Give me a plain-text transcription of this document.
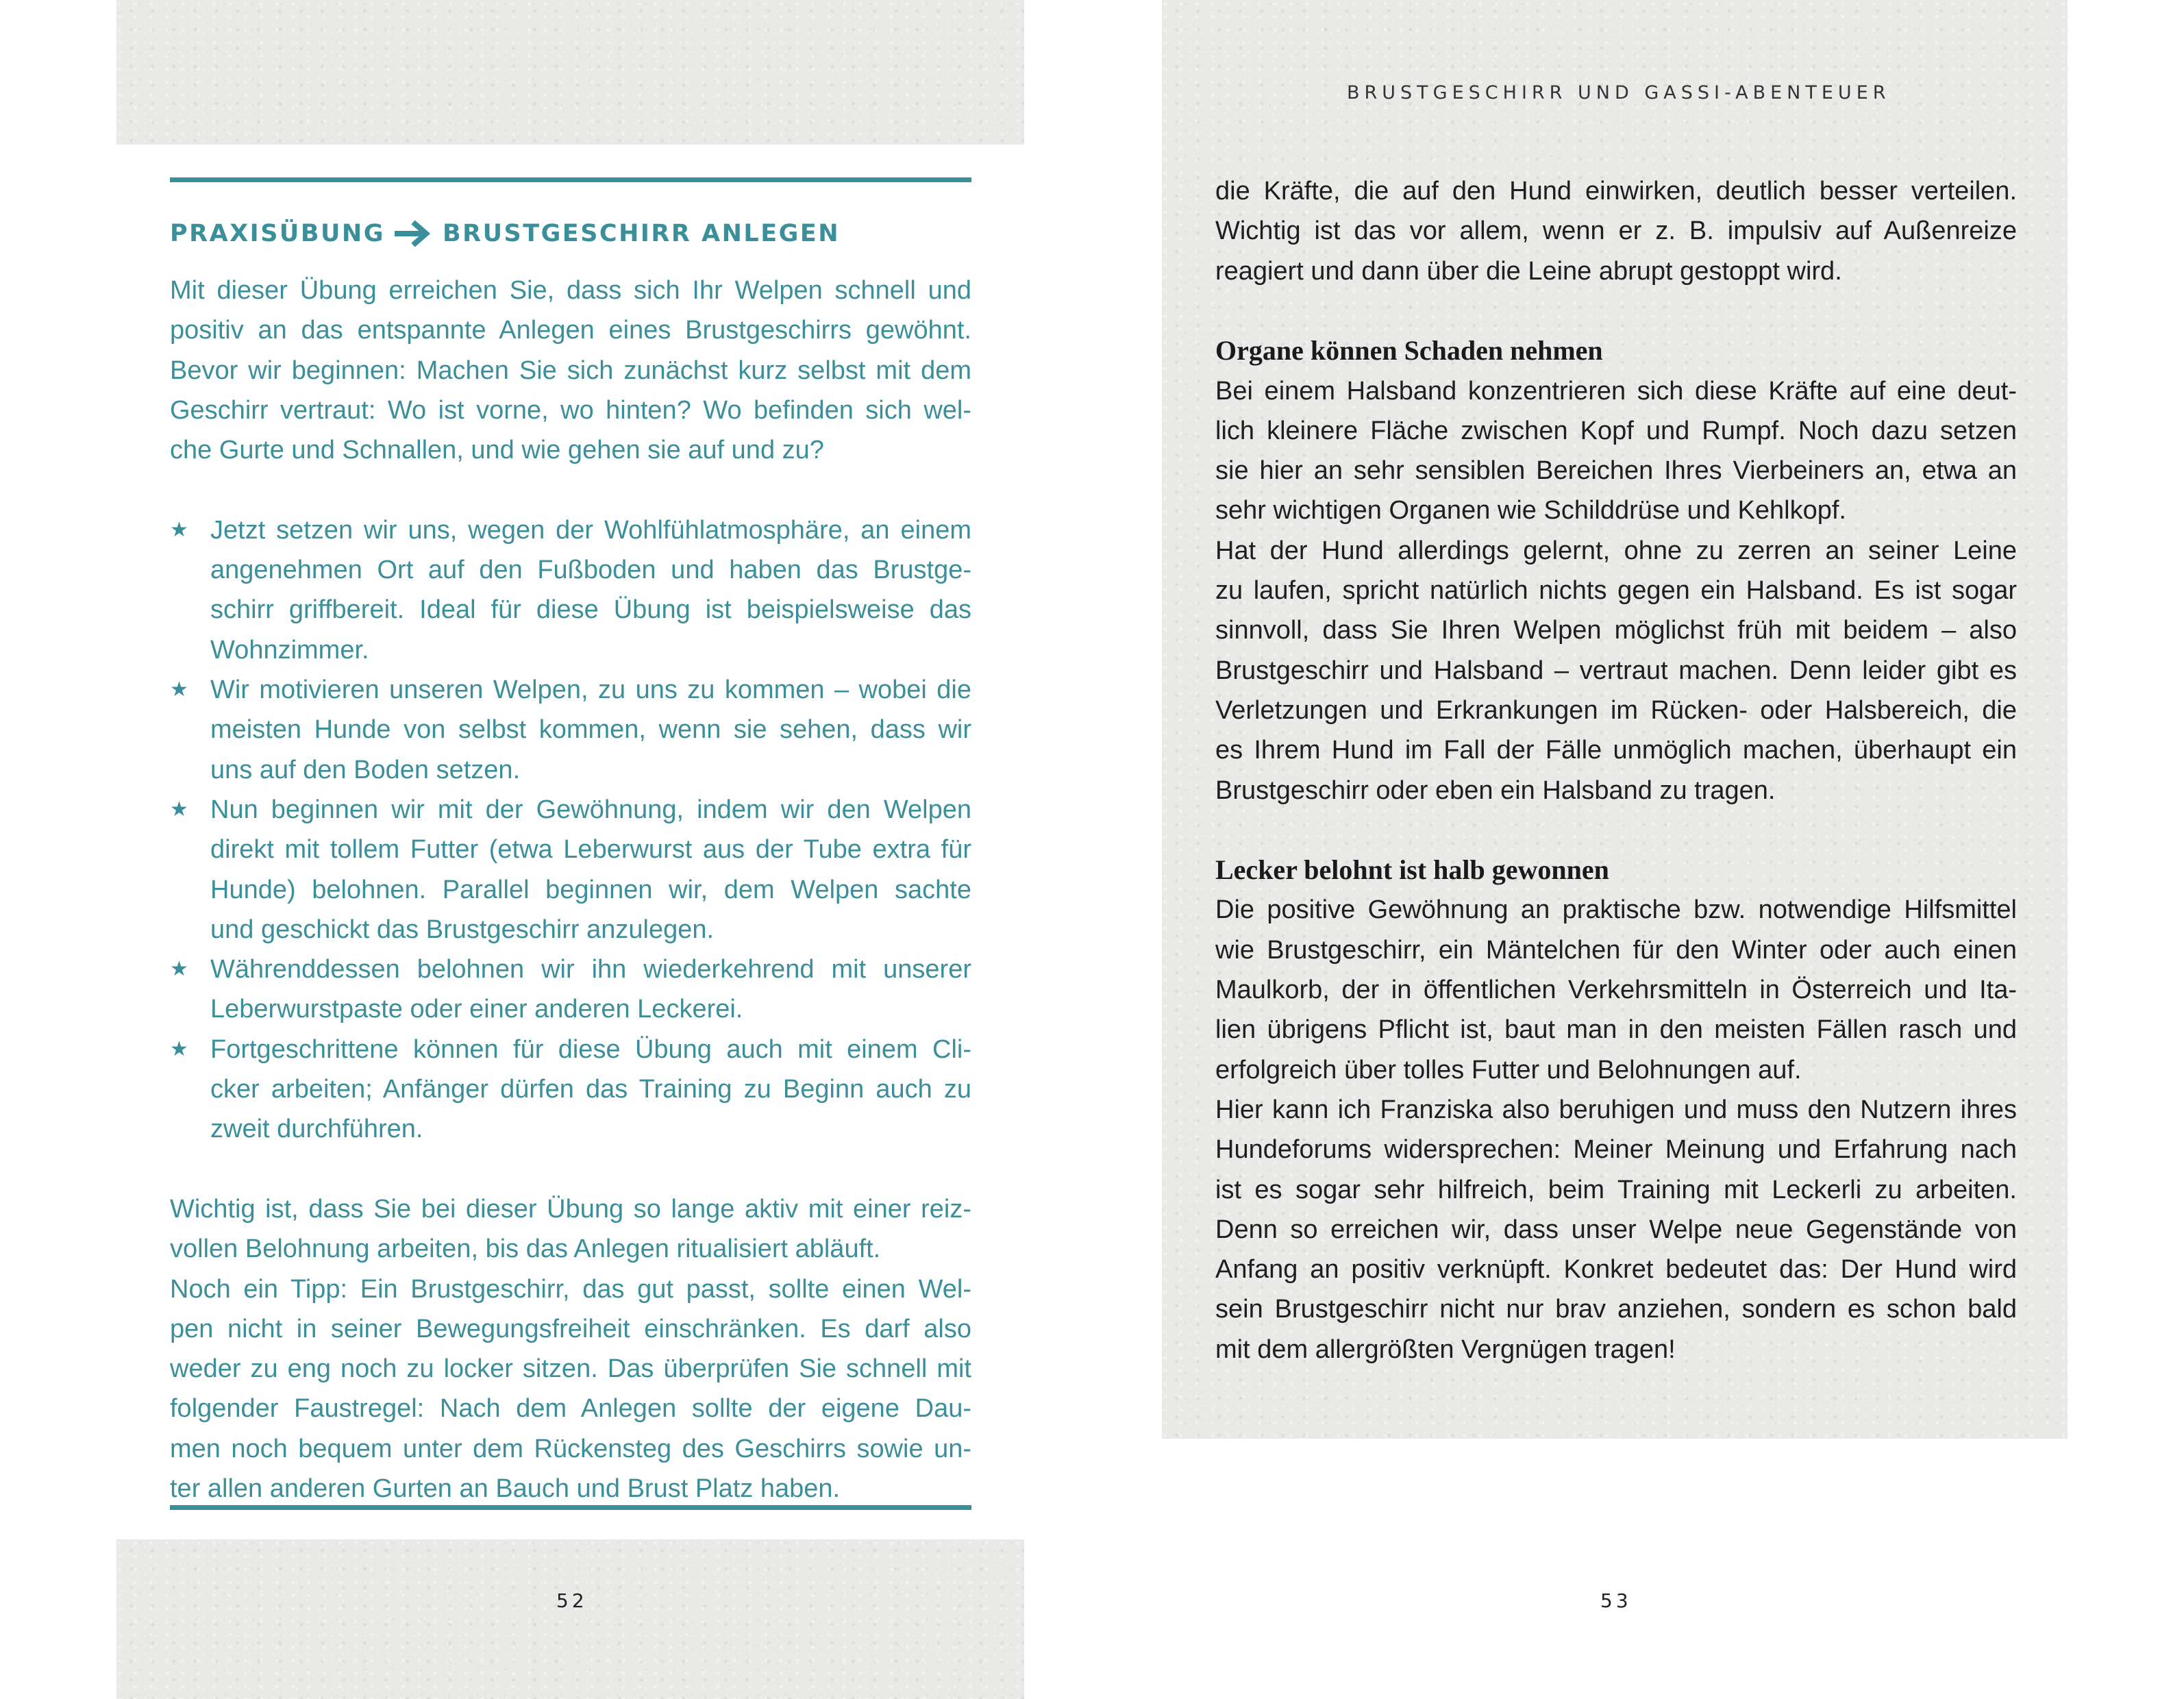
PRAXISÜBUNG BRUSTGESCHIRR ANLEGEN
Mit dieser Übung erreichen Sie, dass sich Ihr Welpen schnell und
positiv an das entspannte Anlegen eines Brustgeschirrs gewöhnt.
Bevor wir beginnen: Machen Sie sich zunächst kurz selbst mit dem
Geschirr vertraut: Wo ist vorne, wo hinten? Wo befinden sich wel-
che Gurte und Schnallen, und wie gehen sie auf und zu?
★ Jetzt setzen wir uns, wegen der Wohlfühlatmosphäre, an einem
angenehmen Ort auf den Fußboden und haben das Brustge-
schirr griffbereit. Ideal für diese Übung ist beispielsweise das
Wohnzimmer.
★ Wir motivieren unseren Welpen, zu uns zu kommen – wobei die
meisten Hunde von selbst kommen, wenn sie sehen, dass wir
uns auf den Boden setzen.
★ Nun beginnen wir mit der Gewöhnung, indem wir den Welpen
direkt mit tollem Futter (etwa Leberwurst aus der Tube extra für
Hunde) belohnen. Parallel beginnen wir, dem Welpen sachte
und geschickt das Brustgeschirr anzulegen.
★ Währenddessen belohnen wir ihn wiederkehrend mit unserer
Leberwurstpaste oder einer anderen Leckerei.
★ Fortgeschrittene können für diese Übung auch mit einem Cli-
cker arbeiten; Anfänger dürfen das Training zu Beginn auch zu
zweit durchführen.
Wichtig ist, dass Sie bei dieser Übung so lange aktiv mit einer reiz-
vollen Belohnung arbeiten, bis das Anlegen ritualisiert abläuft.
Noch ein Tipp: Ein Brustgeschirr, das gut passt, sollte einen Wel-
pen nicht in seiner Bewegungsfreiheit einschränken. Es darf also
weder zu eng noch zu locker sitzen. Das überprüfen Sie schnell mit
folgender Faustregel: Nach dem Anlegen sollte der eigene Dau-
men noch bequem unter dem Rückensteg des Geschirrs sowie un-
ter allen anderen Gurten an Bauch und Brust Platz haben.
52	53
BRUSTGESCHIRR UND GASSI-ABENTEUER
die Kräfte, die auf den Hund einwirken, deutlich besser verteilen.
Wichtig ist das vor allem, wenn er z. B. impulsiv auf Außenreize
reagiert und dann über die Leine abrupt gestoppt wird.
Organe können Schaden nehmen
Bei einem Halsband konzentrieren sich diese Kräfte auf eine deut-
lich kleinere Fläche zwischen Kopf und Rumpf. Noch dazu setzen
sie hier an sehr sensiblen Bereichen Ihres Vierbeiners an, etwa an
sehr wichtigen Organen wie Schilddrüse und Kehlkopf.
Hat der Hund allerdings gelernt, ohne zu zerren an seiner Leine
zu laufen, spricht natürlich nichts gegen ein Halsband. Es ist sogar
sinnvoll, dass Sie Ihren Welpen möglichst früh mit beidem – also
Brustgeschirr und Halsband – vertraut machen. Denn leider gibt es
Verletzungen und Erkrankungen im Rücken- oder Halsbereich, die
es Ihrem Hund im Fall der Fälle unmöglich machen, überhaupt ein
Brustgeschirr oder eben ein Halsband zu tragen.
Lecker belohnt ist halb gewonnen
Die positive Gewöhnung an praktische bzw. notwendige Hilfsmittel
wie Brustgeschirr, ein Mäntelchen für den Winter oder auch einen
Maulkorb, der in öffentlichen Verkehrsmitteln in Österreich und Ita-
lien übrigens Pflicht ist, baut man in den meisten Fällen rasch und
erfolgreich über tolles Futter und Belohnungen auf.
Hier kann ich Franziska also beruhigen und muss den Nutzern ihres
Hundeforums widersprechen: Meiner Meinung und Erfahrung nach
ist es sogar sehr hilfreich, beim Training mit Leckerli zu arbeiten.
Denn so erreichen wir, dass unser Welpe neue Gegenstände von
Anfang an positiv verknüpft. Konkret bedeutet das: Der Hund wird
sein Brustgeschirr nicht nur brav anziehen, sondern es schon bald
mit dem allergrößten Vergnügen tragen!
